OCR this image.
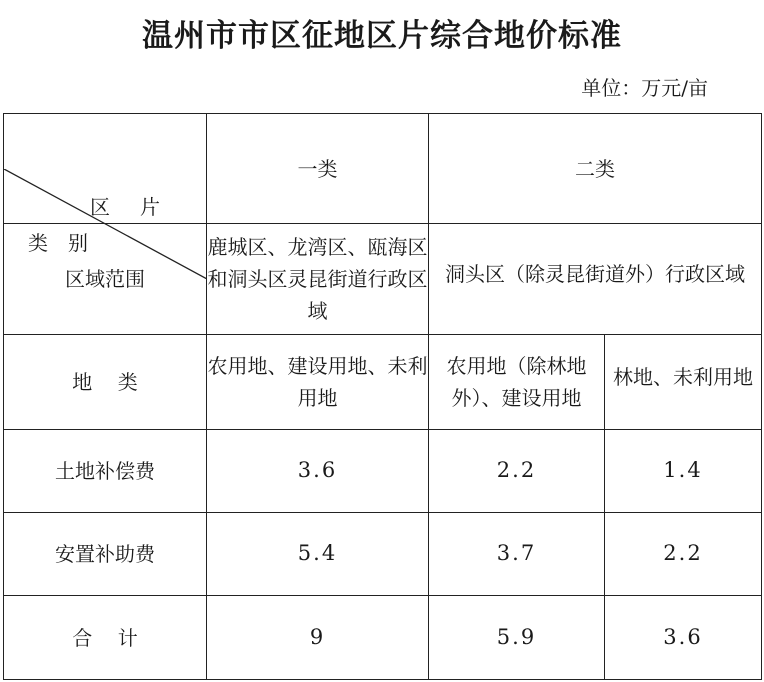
温州市市区征地区片综合地价标准
单位：万元/亩
区片
类别	一类	二类	
区域范围	鹿城区、龙湾区、瓯海区和洞头区灵昆街道行政区域	洞头区（除灵昆街道外）行政区域	
地    类	农用地、建设用地、未利用地	农用地（除林地外）、建设用地	林地、未利用地
土地补偿费	3.6	2.2	1.4
安置补助费	5.4	3.7	2.2
合    计	9	5.9	3.6
